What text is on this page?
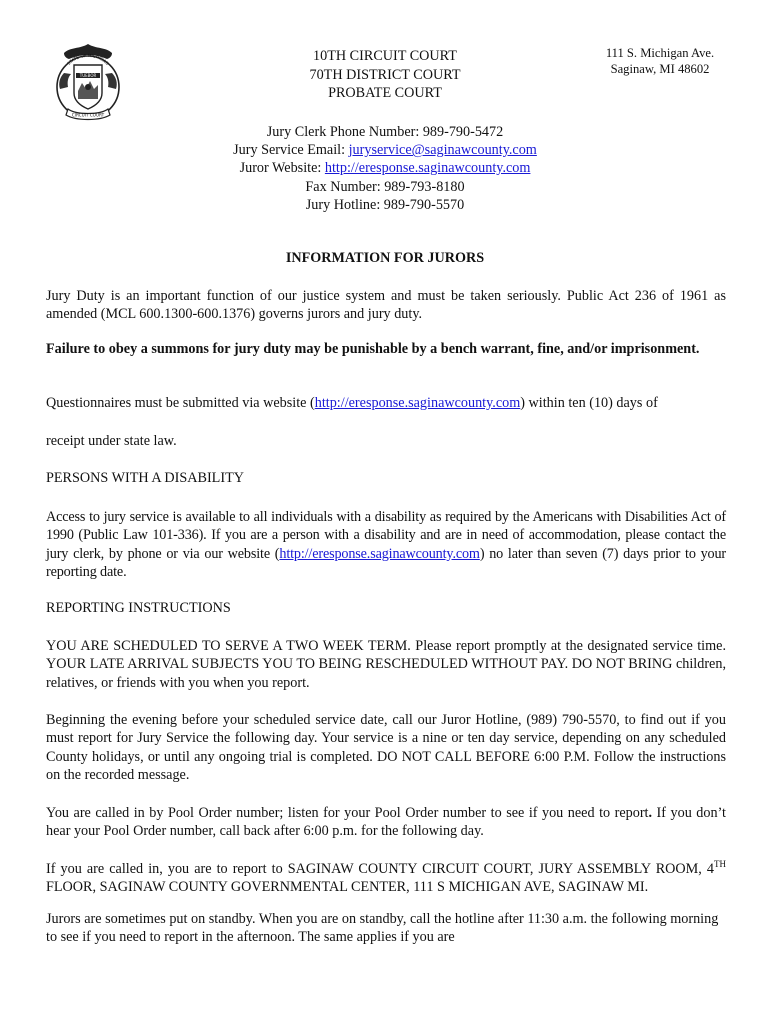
TUEBOR
CIRCUIT COURT
STATE OF MICHIGAN	10TH CIRCUIT COURT
70TH DISTRICT COURT
PROBATE COURT
111 S. Michigan Ave.
Saginaw, MI 48602
Jury Clerk Phone Number: 989-790-5472
Jury Service Email: juryservice@saginawcounty.com
Juror Website: http://eresponse.saginawcounty.com
Fax Number: 989-793-8180
Jury Hotline: 989-790-5570
INFORMATION FOR JURORS
Jury Duty is an important function of our justice system and must be taken seriously. Public Act 236 of 1961 as amended (MCL 600.1300-600.1376) governs jurors and jury duty.
Failure to obey a summons for jury duty may be punishable by a bench warrant, fine, and/or imprisonment.
Questionnaires must be submitted via website (http://eresponse.saginawcounty.com) within ten (10) days of
receipt under state law.
PERSONS WITH A DISABILITY
Access to jury service is available to all individuals with a disability as required by the Americans with Disabilities Act of 1990 (Public Law 101-336). If you are a person with a disability and are in need of accommodation, please contact the jury clerk, by phone or via our website (http://eresponse.saginawcounty.com) no later than seven (7) days prior to your reporting date.
REPORTING INSTRUCTIONS
YOU ARE SCHEDULED TO SERVE A TWO WEEK TERM. Please report promptly at the designated service time. YOUR LATE ARRIVAL SUBJECTS YOU TO BEING RESCHEDULED WITHOUT PAY. DO NOT BRING children, relatives, or friends with you when you report.
Beginning the evening before your scheduled service date, call our Juror Hotline, (989) 790-5570, to find out if you must report for Jury Service the following day. Your service is a nine or ten day service, depending on any scheduled County holidays, or until any ongoing trial is completed. DO NOT CALL BEFORE 6:00 P.M. Follow the instructions on the recorded message.
You are called in by Pool Order number; listen for your Pool Order number to see if you need to report. If you don’t hear your Pool Order number, call back after 6:00 p.m. for the following day.
If you are called in, you are to report to SAGINAW COUNTY CIRCUIT COURT, JURY ASSEMBLY ROOM, 4TH FLOOR, SAGINAW COUNTY GOVERNMENTAL CENTER, 111 S MICHIGAN AVE, SAGINAW MI.
Jurors are sometimes put on standby. When you are on standby, call the hotline after 11:30 a.m. the following morning to see if you need to report in the afternoon. The same applies if you are
